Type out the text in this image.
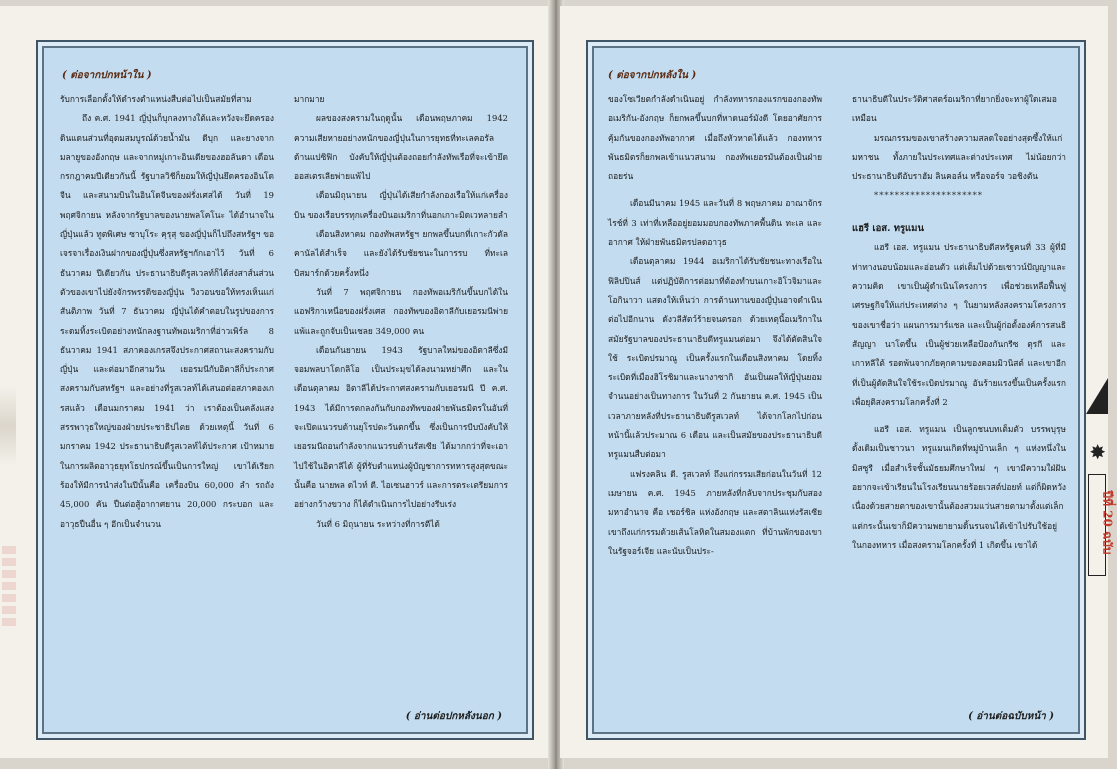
( ต่อจากปกหน้าใน )

รับการเลือกตั้งให้ดำรงตำแหน่งสืบต่อไปเป็นสมัยที่สาม

ถึง ค.ศ. 1941 ญี่ปุ่นก็บุกลงทางใต้และหวังจะยึดครองดินแดนส่วนที่อุดมสมบูรณ์ด้วยน้ำมัน ดีบุก และยางจากมลายูของอังกฤษ และจากหมู่เกาะอินเดียของฮอลันดา เดือนกรกฎาคมปีเดียวกันนี้ รัฐบาลวิชีก็ยอมให้ญี่ปุ่นยึดครองอินโดจีน และสนามบินในอินโดจีนของฝรั่งเศสได้ วันที่ 19 พฤศจิกายน หลังจากรัฐบาลของนายพลโคโนะ ได้อำนาจในญี่ปุ่นแล้ว ทูตพิเศษ ซาบุโระ คุรุสุ ของญี่ปุ่นก็ไปถึงสหรัฐฯ ขอเจรจาเรื่องเงินฝากของญี่ปุ่นซึ่งสหรัฐฯกักเอาไว้ วันที่ 6 ธันวาคม ปีเดียวกัน ประธานาธิบดีรูสเวลท์ก็ได้ส่งสาส์นส่วนตัวของเขาไปยังจักรพรรดิของญี่ปุ่น วิงวอนขอให้ทรงเห็นแก่สันติภาพ วันที่ 7 ธันวาคม ญี่ปุ่นได้คำตอบในรูปของการระดมทิ้งระเบิดอย่างหนักลงฐานทัพอเมริกาที่อ่าวเพิร์ล 8 ธันวาคม 1941 สภาคองเกรสจึงประกาศสถานะสงครามกับญี่ปุ่น และต่อมาอีกสามวัน เยอรมนีกับอิตาลีก็ประกาศสงครามกับสหรัฐฯ และอย่างที่รูสเวลท์ได้เสนอต่อสภาคองเกรสแล้ว เดือนมกราคม 1941 ว่า เราต้องเป็นคลังแสงสรรพาวุธใหญ่ของฝ่ายประชาธิปไตย ด้วยเหตุนี้ วันที่ 6 มกราคม 1942 ประธานาธิบดีรูสเวลท์ได้ประกาศ เป้าหมายในการผลิตอาวุธยุทโธปกรณ์ขึ้นเป็นการใหญ่ เขาได้เรียกร้องให้มีการนำส่งในปีนั้นคือ เครื่องบิน 60,000 ลำ รถถัง 45,000 คัน ปืนต่อสู้อากาศยาน 20,000 กระบอก และอาวุธปืนอื่น ๆ อีกเป็นจำนวน

มากมาย

ผลของสงครามในฤดูนั้น เดือนพฤษภาคม 1942 ความเสียหายอย่างหนักของญี่ปุ่นในการยุทธที่ทะเลคอรัลด้านแปซิฟิก บังคับให้ญี่ปุ่นต้องถอยกำลังทัพเรือที่จะเข้ายึดออสเตรเลียพ่ายแพ้ไป

เดือนมิถุนายน ญี่ปุ่นได้เสียกำลังกองเรือให้แก่เครื่องบิน ของเรือบรรทุกเครื่องบินอเมริกาที่นอกเกาะมิดเวหลายลำ

เดือนสิงหาคม กองทัพสหรัฐฯ ยกพลขึ้นบกที่เกาะกัวดัลคานัลได้สำเร็จ และยังได้รับชัยชนะในการรบ ที่ทะเลบิสมาร์กด้วยครั้งหนึ่ง

วันที่ 7 พฤศจิกายน กองทัพอเมริกันขึ้นบกได้ในแอฟริกาเหนือของฝรั่งเศส กองทัพของอิตาลีกับเยอรมนีพ่ายแพ้และถูกจับเป็นเชลย 349,000 คน

เดือนกันยายน 1943 รัฐบาลใหม่ของอิตาลีซึ่งมี จอมพลบาโดกลิโอ เป็นประมุขได้ลงนามหย่าศึก และในเดือนตุลาคม อิตาลีได้ประกาศสงครามกับเยอรมนี ปี ค.ศ. 1943 ได้มีการตกลงกันกับกองทัพของฝ่ายพันธมิตรในอันที่จะเปิดแนวรบด้านยุโรปตะวันตกขึ้น ซึ่งเป็นการบีบบังคับให้เยอรมนีถอนกำลังจากแนวรบด้านรัสเซีย ได้มากกว่าที่จะเอาไปใช้ในอิตาลีได้ ผู้ที่รับตำแหน่งผู้บัญชาการทหารสูงสุดขณะนั้นคือ นายพล ดไวท์ ดี. ไอเซนฮาวร์ และการตระเตรียมการอย่างกว้างขวาง ก็ได้ดำเนินการไปอย่างรีบเร่ง

วันที่ 6 มิถุนายน ระหว่างที่การตีได้

( อ่านต่อปกหลังนอก )
( ต่อจากปกหลังใน )

ของโซเวียตกำลังดำเนินอยู่ กำลังทหารกองแรกของกองทัพอเมริกัน-อังกฤษ ก็ยกพลขึ้นบกที่หาดนอร์มังดี โดยอาศัยการคุ้มกันของกองทัพอากาศ เมื่อถึงหัวหาดได้แล้ว กองทหารพันธมิตรก็ยกพลเข้าแนวสนาม กองทัพเยอรมันต้องเป็นฝ่ายถอยร่น

เดือนมีนาคม 1945 และวันที่ 8 พฤษภาคม อาณาจักรไรช์ที่ 3 เท่าที่เหลืออยู่ยอมมอบกองทัพภาคพื้นดิน ทะเล และอากาศ ให้ฝ่ายพันธมิตรปลดอาวุธ

เดือนตุลาคม 1944 อเมริกาได้รับชัยชนะทางเรือในฟิลิปปินส์ แต่ปฏิบัติการต่อมาที่ต้องทำบนเกาะอิโวจิมาและโอกินาวา แสดงให้เห็นว่า การต้านทานของญี่ปุ่นอาจดำเนินต่อไปอีกนาน ดังวลีสัตว์ร้ายจนตรอก ด้วยเหตุนี้อเมริกาในสมัยรัฐบาลของประธานาธิบดีทรูแมนต่อมา จึงได้ตัดสินใจใช้ ระเบิดปรมาณู เป็นครั้งแรกในเดือนสิงหาคม โดยทิ้งระเบิดที่เมืองฮิโรชิมาและนางาซากิ อันเป็นผลให้ญี่ปุ่นยอมจำนนอย่างเป็นทางการ ในวันที่ 2 กันยายน ค.ศ. 1945 เป็นเวลาภายหลังที่ประธานาธิบดีรูสเวลท์ ได้จากโลกไปก่อนหน้านี้แล้วประมาณ 6 เดือน และเป็นสมัยของประธานาธิบดีทรูแมนสืบต่อมา

แฟรงคลิน ดี. รูสเวลท์ ถึงแก่กรรมเสียก่อนในวันที่ 12 เมษายน ค.ศ. 1945 ภายหลังที่กลับจากประชุมกับสองมหาอำนาจ คือ เชอร์ชิล แห่งอังกฤษ และสตาลินแห่งรัสเซีย เขาถึงแก่กรรมด้วยเส้นโลหิตในสมองแตก ที่บ้านพักของเขาในรัฐจอร์เจีย และนับเป็นประ-

ธานาธิบดีในประวัติศาสตร์อเมริกาที่ยากยิ่งจะหาผู้ใดเสมอเหมือน

มรณกรรมของเขาสร้างความสลดใจอย่างสุดซึ้งให้แก่มหาชน ทั้งภายในประเทศและต่างประเทศ ไม่น้อยกว่าประธานาธิบดีอับราฮัม ลินคอล์น หรือจอร์จ วอชิงตัน

*********************
แฮรี เอส. ทรูแมน

แฮรี เอส. ทรูแมน ประธานาธิบดีสหรัฐคนที่ 33 ผู้ที่มีท่าทางนอบน้อมและอ่อนตัว แต่เต็มไปด้วยเชาวน์ปัญญาและความคิด เขาเป็นผู้ดำเนินโครงการ เพื่อช่วยเหลือฟื้นฟูเศรษฐกิจให้แก่ประเทศต่าง ๆ ในยามหลังสงครามโครงการของเขาชื่อว่า แผนการมาร์แชล และเป็นผู้ก่อตั้งองค์การสนธิสัญญา นาโตขึ้น เป็นผู้ช่วยเหลือป้องกันกรีซ ตุรกี และเกาหลีใต้ รอดพ้นจากภัยคุกคามของคอมมิวนิสต์ และเขาอีกที่เป็นผู้ตัดสินใจใช้ระเบิดปรมาณู อันร้ายแรงขึ้นเป็นครั้งแรก เพื่อยุติสงครามโลกครั้งที่ 2

แฮรี เอส. ทรูแมน เป็นลูกชนบทเต็มตัว บรรพบุรุษดั้งเดิมเป็นชาวนา ทรูแมนเกิดที่หมู่บ้านเล็ก ๆ แห่งหนึ่งในมิสซูรี เมื่อสำเร็จชั้นมัธยมศึกษาใหม่ ๆ เขามีความใฝ่ฝันอยากจะเข้าเรียนในโรงเรียนนายร้อยเวสต์ปอยท์ แต่ก็ผิดหวัง เนื่องด้วยสายตาของเขานั้นต้องสวมแว่นสายตามาตั้งแต่เล็ก แต่กระนั้นเขาก็มีความพยายามดิ้นรนจนได้เข้าไปรับใช้อยู่ในกองทหาร เมื่อสงครามโลกครั้งที่ 1 เกิดขึ้น เขาได้

( อ่านต่อฉบับหน้า )
✸
ปีที่ 20 ฉบับ
